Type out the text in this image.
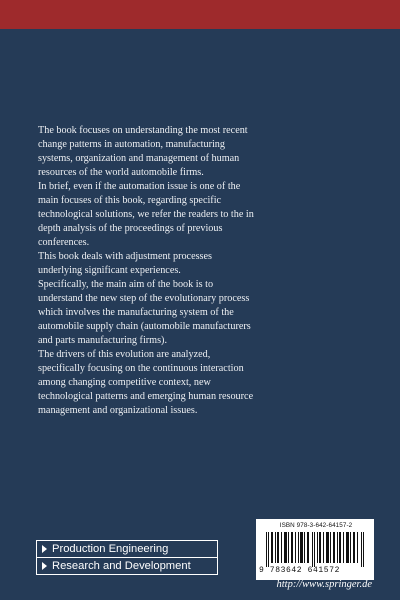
The book focuses on understanding the most recent change patterns in automation, manufacturing systems, organization and management of human resources of the world automobile firms.

In brief, even if the automation issue is one of the main focuses of this book, regarding specific technological solutions, we refer the readers to the in depth analysis of the proceedings of previous conferences.

This book deals with adjustment processes underlying significant experiences.

Specifically, the main aim of the book is to understand the new step of the evolutionary process which involves the manufacturing system of the automobile supply chain (automobile manufacturers and parts manufacturing firms).

The drivers of this evolution are analyzed, specifically focusing on the continuous interaction among changing competitive context, new technological patterns and emerging human resource management and organizational issues.

Production Engineering
Research and Development
ISBN 978-3-642-64157-2
9 783642 641572
http://www.springer.de
